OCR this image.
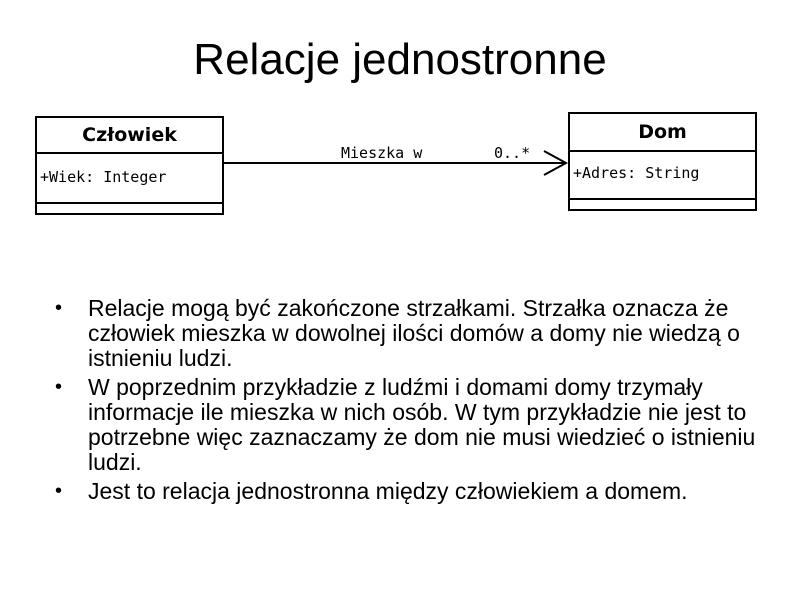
Relacje jednostronne
Człowiek
+Wiek: Integer
Dom
+Adres: String
Mieszka w	0..*
• Relacje mogą być zakończone strzałkami. Strzałka oznacza że człowiek mieszka w dowolnej ilości domów a domy nie wiedzą o istnieniu ludzi.
• W poprzednim przykładzie z ludźmi i domami domy trzymały informacje ile mieszka w nich osób. W tym przykładzie nie jest to potrzebne więc zaznaczamy że dom nie musi wiedzieć o istnieniu ludzi.
• Jest to relacja jednostronna między człowiekiem a domem.
